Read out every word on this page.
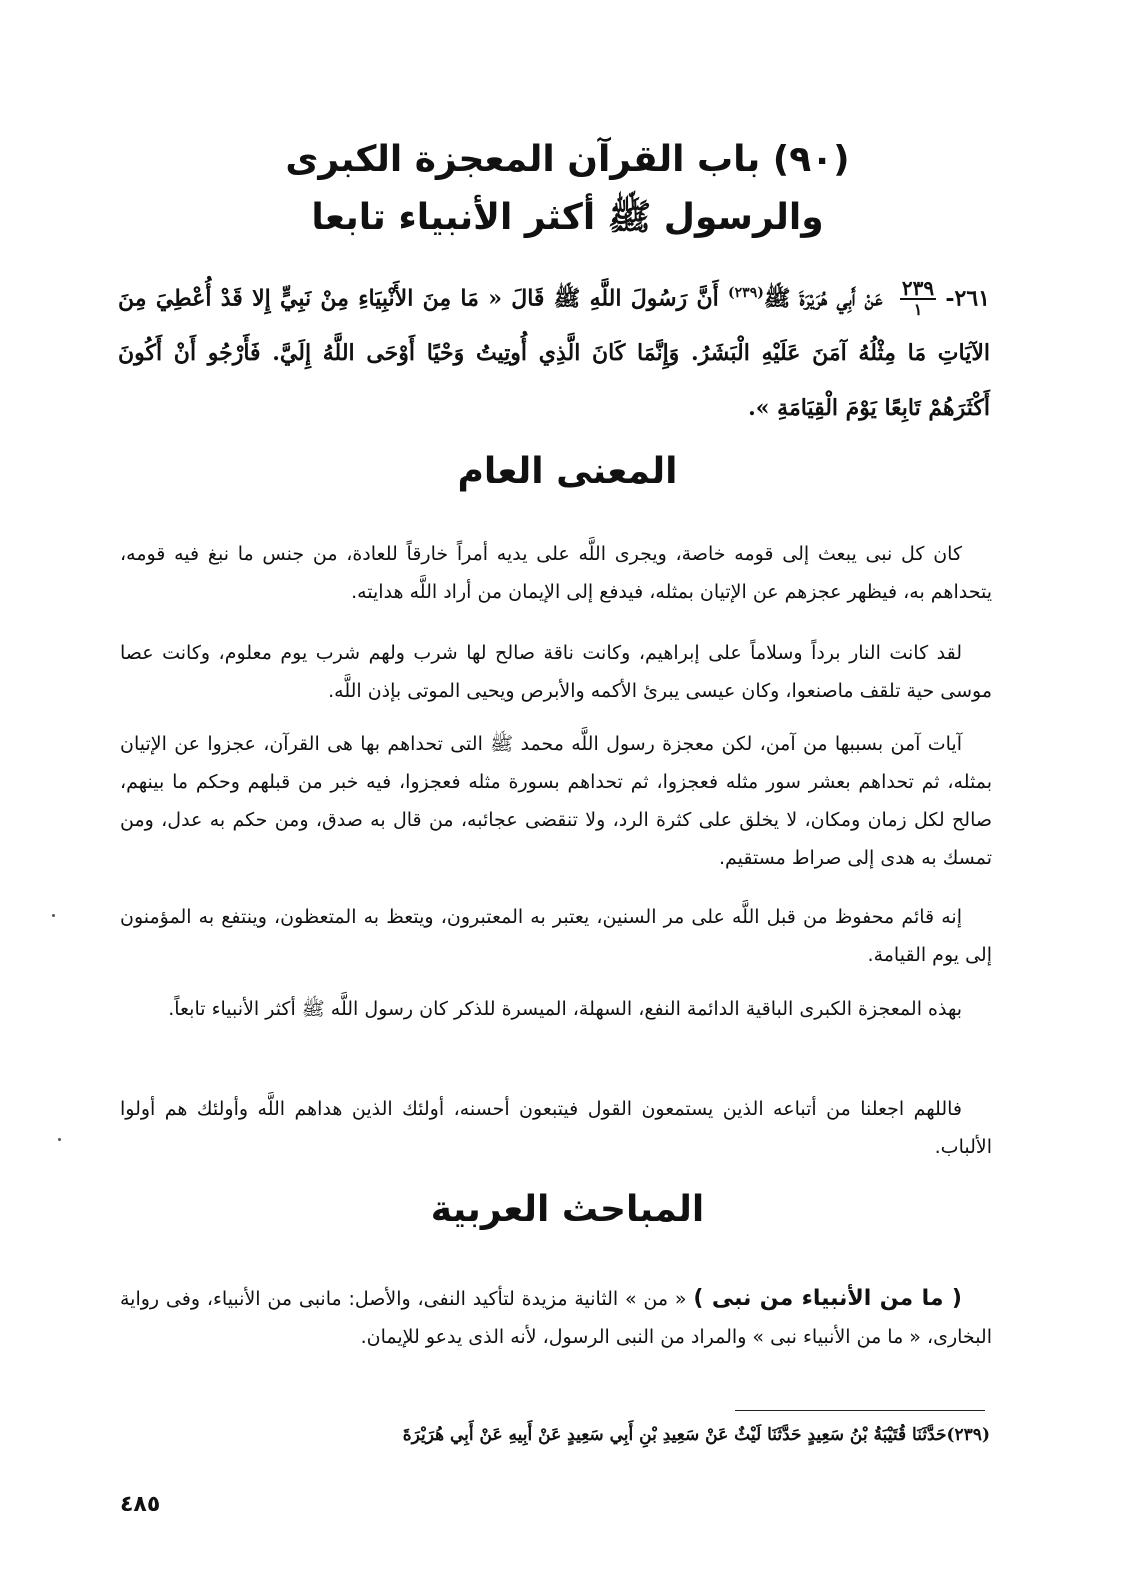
(٩٠) باب القرآن المعجزة الكبرى
والرسول ﷺ أكثر الأنبياء تابعا

٢٦١-
٢٣٩
١
عَنْ أَبِي هُرَيْرَةَ ﷺ$^{(٢٣٩)}$ أَنَّ رَسُولَ اللَّهِ ﷺ قَالَ « مَا مِنَ الأَنْبِيَاءِ مِنْ نَبِيٍّ إِلا قَدْ أُعْطِيَ مِنَ الآيَاتِ مَا مِثْلُهُ آمَنَ عَلَيْهِ الْبَشَرُ. وَإِنَّمَا كَانَ الَّذِي أُوتِيتُ وَحْيًا أَوْحَى اللَّهُ إِلَيَّ. فَأَرْجُو أَنْ أَكُونَ أَكْثَرَهُمْ تَابِعًا يَوْمَ الْقِيَامَةِ ».

المعنى العام

كان كل نبى يبعث إلى قومه خاصة، ويجرى اللَّه على يديه أمراً خارقاً للعادة، من جنس ما نبغ فيه قومه، يتحداهم به، فيظهر عجزهم عن الإتيان بمثله، فيدفع إلى الإيمان من أراد اللَّه هدايته.

لقد كانت النار برداً وسلاماً على إبراهيم، وكانت ناقة صالح لها شرب ولهم شرب يوم معلوم، وكانت عصا موسى حية تلقف ماصنعوا، وكان عيسى يبرئ الأكمه والأبرص ويحيى الموتى بإذن اللَّه.

آيات آمن بسببها من آمن، لكن معجزة رسول اللَّه محمد ﷺ التى تحداهم بها هى القرآن، عجزوا عن الإتيان بمثله، ثم تحداهم بعشر سور مثله فعجزوا، ثم تحداهم بسورة مثله فعجزوا، فيه خبر من قبلهم وحكم ما بينهم، صالح لكل زمان ومكان، لا يخلق على كثرة الرد، ولا تنقضى عجائبه، من قال به صدق، ومن حكم به عدل، ومن تمسك به هدى إلى صراط مستقيم.

إنه قائم محفوظ من قبل اللَّه على مر السنين، يعتبر به المعتبرون، ويتعظ به المتعظون، وينتفع به المؤمنون إلى يوم القيامة.

بهذه المعجزة الكبرى الباقية الدائمة النفع، السهلة، الميسرة للذكر كان رسول اللَّه ﷺ أكثر الأنبياء تابعاً.

فاللهم اجعلنا من أتباعه الذين يستمعون القول فيتبعون أحسنه، أولئك الذين هداهم اللَّه وأولئك هم أولوا الألباب.

المباحث العربية

( ما من الأنبياء من نبى ) « من » الثانية مزيدة لتأكيد النفى، والأصل: مانبى من الأنبياء، وفى رواية البخارى، « ما من الأنبياء نبى » والمراد من النبى الرسول، لأنه الذى يدعو للإيمان.

(٢٣٩)حَدَّثَنَا قُتَيْبَةُ بْنُ سَعِيدٍ حَدَّثَنَا لَيْثٌ عَنْ سَعِيدِ بْنِ أَبِي سَعِيدٍ عَنْ أَبِيهِ عَنْ أَبِي هُرَيْرَةَ

٤٨٥
